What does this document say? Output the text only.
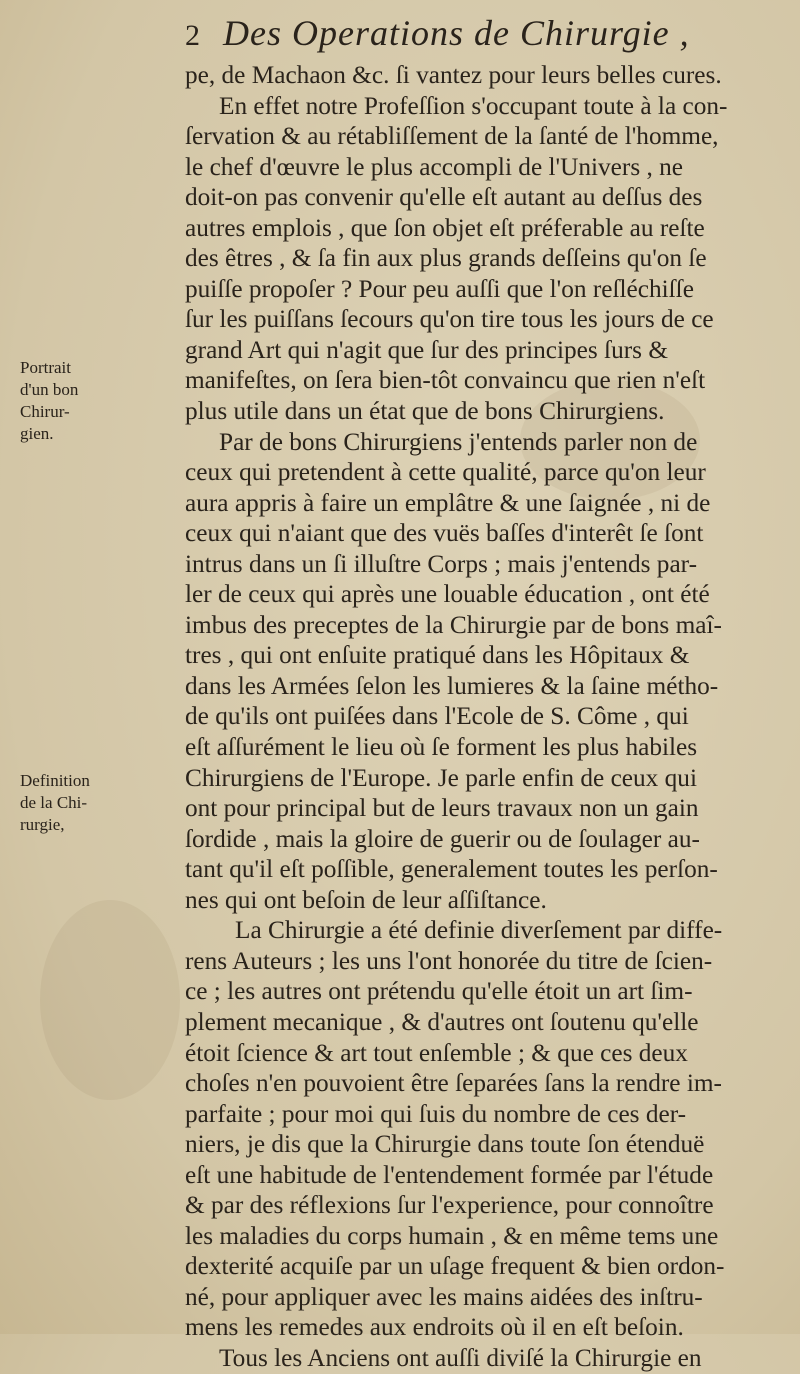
2 Des Operations de Chirurgie ,
Portrait
d'un bon
Chirur-
gien.
Definition
de la Chi-
rurgie,
pe, de Machaon &c. ſi vantez pour leurs belles cures.
En effet notre Profeſſion s'occupant toute à la con-
ſervation & au rétabliſſement de la ſanté de l'homme,
le chef d'œuvre le plus accompli de l'Univers , ne
doit-on pas convenir qu'elle eſt autant au deſſus des
autres emplois , que ſon objet eſt préferable au reſte
des êtres , & ſa fin aux plus grands deſſeins qu'on ſe
puiſſe propoſer ? Pour peu auſſi que l'on reſléchiſſe
ſur les puiſſans ſecours qu'on tire tous les jours de ce
grand Art qui n'agit que ſur des principes ſurs &
manifeſtes, on ſera bien-tôt convaincu que rien n'eſt
plus utile dans un état que de bons Chirurgiens.
Par de bons Chirurgiens j'entends parler non de
ceux qui pretendent à cette qualité, parce qu'on leur
aura appris à faire un emplâtre & une ſaignée , ni de
ceux qui n'aiant que des vuës baſſes d'interêt ſe ſont
intrus dans un ſi illuſtre Corps ; mais j'entends par-
ler de ceux qui après une louable éducation , ont été
imbus des preceptes de la Chirurgie par de bons maî-
tres , qui ont enſuite pratiqué dans les Hôpitaux &
dans les Armées ſelon les lumieres & la ſaine métho-
de qu'ils ont puiſées dans l'Ecole de S. Côme , qui
eſt aſſurément le lieu où ſe forment les plus habiles
Chirurgiens de l'Europe. Je parle enfin de ceux qui
ont pour principal but de leurs travaux non un gain
ſordide , mais la gloire de guerir ou de ſoulager au-
tant qu'il eſt poſſible, generalement toutes les perſon-
nes qui ont beſoin de leur aſſiſtance.
La Chirurgie a été definie diverſement par diffe-
rens Auteurs ; les uns l'ont honorée du titre de ſcien-
ce ; les autres ont prétendu qu'elle étoit un art ſim-
plement mecanique , & d'autres ont ſoutenu qu'elle
étoit ſcience & art tout enſemble ; & que ces deux
choſes n'en pouvoient être ſeparées ſans la rendre im-
parfaite ; pour moi qui ſuis du nombre de ces der-
niers, je dis que la Chirurgie dans toute ſon étenduë
eſt une habitude de l'entendement formée par l'étude
& par des réflexions ſur l'experience, pour connoître
les maladies du corps humain , & en même tems une
dexterité acquiſe par un uſage frequent & bien ordon-
né, pour appliquer avec les mains aidées des inſtru-
mens les remedes aux endroits où il en eſt beſoin.
Tous les Anciens ont auſſi diviſé la Chirurgie en
